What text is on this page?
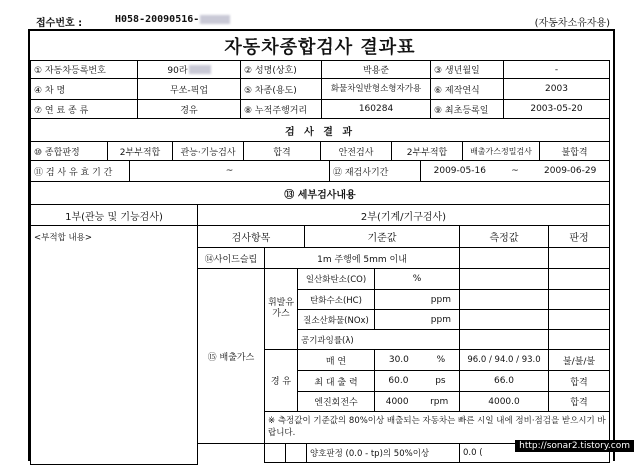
접수번호 :	H058-20090516-	(자동차소유자용)
자동차종합검사 결과표
① 자동차등록번호	90라	② 성명(상호)	박용준	③ 생년월일	-
④ 차 명	무쏘-픽업	⑤ 차종(용도)	화물차일반형소형자가용	⑥ 제작연식	2003
⑦ 연 료 종 류	경유	⑧ 누적주행거리	160284	⑨ 최초등록일	2003-05-20
검 사 결 과
⑩ 종합판정	2부부적합	관능·기능검사	합격	안전검사	2부부적합	배출가스정밀검사	불합격
⑪ 검 사 유 효 기 간	~	⑫ 재검사기간	2009-05-16	~	2009-06-29
⑬ 세부검사내용
1부(관능 및 기능검사)	2부(기계/기구검사)
<부적합 내용>	검사항목	기준값	측정값	판정
⑭사이드슬립	1m 주행에 5mm 이내
⑮ 배출가스
휘발유 가스
일산화탄소(CO)	%
탄화수소(HC)	ppm
질소산화물(NOx)	ppm
공기과잉률(λ)
경 유
매 연	30.0	%	96.0 / 94.0 / 93.0	불/불/불
최 대 출 력	60.0	ps	66.0	합격
엔진회전수	4000 rpm	4000.0	합격
※ 측정값이 기준값의 80%이상 배출되는 자동차는 빠른 시일 내에 정비·점검을 받으시기 바랍니다.
양호판정 (0.0 - tp)의 50%이상	0.0 (
http://sonar2.tistory.com
